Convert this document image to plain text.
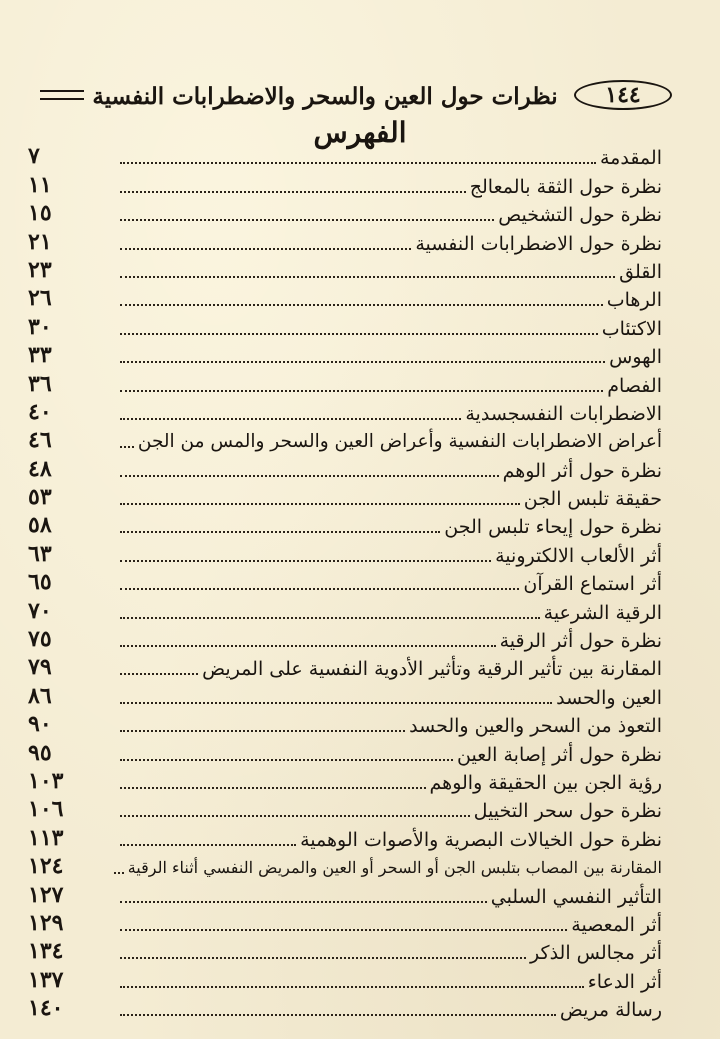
نظرات حول العين والسحر والاضطرابات النفسية	١٤٤
الفهرس
المقدمة
٧
نظرة حول الثقة بالمعالج
١١
نظرة حول التشخيص
١٥
نظرة حول الاضطرابات النفسية
٢١
القلق
٢٣
الرهاب
٢٦
الاكتئاب
٣٠
الهوس
٣٣
الفصام
٣٦
الاضطرابات النفسجسدية
٤٠
أعراض الاضطرابات النفسية وأعراض العين والسحر والمس من الجن
٤٦
نظرة حول أثر الوهم
٤٨
حقيقة تلبس الجن
٥٣
نظرة حول إيحاء تلبس الجن
٥٨
أثر الألعاب الالكترونية
٦٣
أثر استماع القرآن
٦٥
الرقية الشرعية
٧٠
نظرة حول أثر الرقية
٧٥
المقارنة بين تأثير الرقية وتأثير الأدوية النفسية على المريض
٧٩
العين والحسد
٨٦
التعوذ من السحر والعين والحسد
٩٠
نظرة حول أثر إصابة العين
٩٥
رؤية الجن بين الحقيقة والوهم
١٠٣
نظرة حول سحر التخييل
١٠٦
نظرة حول الخيالات البصرية والأصوات الوهمية
١١٣
المقارنة بين المصاب بتلبس الجن أو السحر أو العين والمريض النفسي أثناء الرقية
١٢٤
التأثير النفسي السلبي
١٢٧
أثر المعصية
١٢٩
أثر مجالس الذكر
١٣٤
أثر الدعاء
١٣٧
رسالة مريض
١٤٠
